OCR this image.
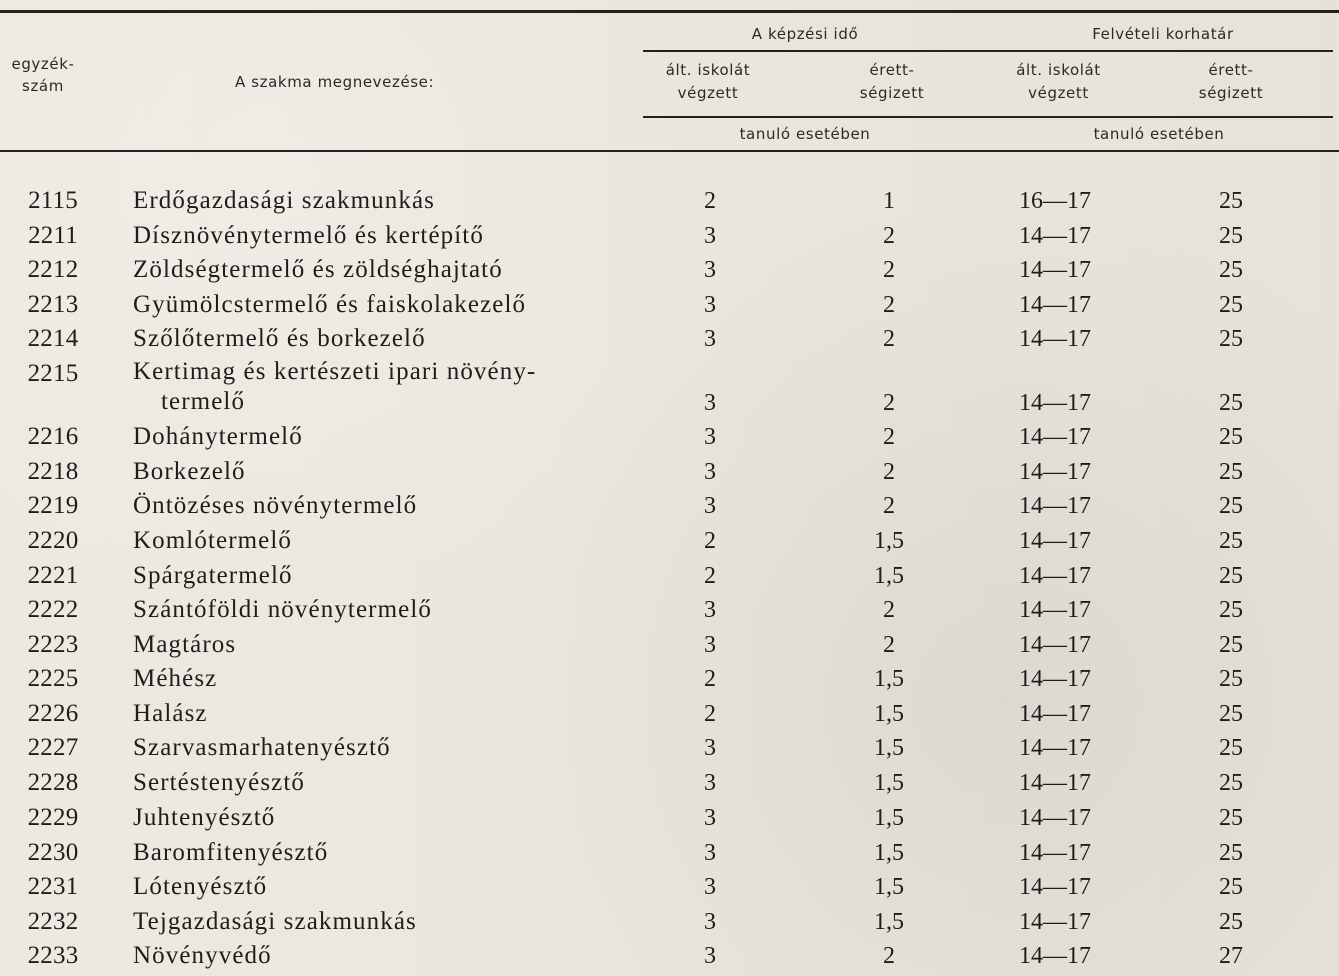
egyzék-
szám	A szakma megnevezése:
A képzési idő	Felvételi korhatár
ált. iskolát
végzett
érett-
ségizett
ált. iskolát
végzett
érett-
ségizett
tanuló esetében	tanuló esetében
2115	Erdőgazdasági szakmunkás	2	1	16—17	25
2211	Dísznövénytermelő és kertépítő	3	2	14—17	25
2212	Zöldségtermelő és zöldséghajtató	3	2	14—17	25
2213	Gyümölcstermelő és faiskolakezelő	3	2	14—17	25
2214	Szőlőtermelő és borkezelő	3	2	14—17	25
2215	Kertimag és kertészeti ipari növény-
termelő	3	2	14—17	25
2216	Dohánytermelő	3	2	14—17	25
2218	Borkezelő	3	2	14—17	25
2219	Öntözéses növénytermelő	3	2	14—17	25
2220	Komlótermelő	2	1,5	14—17	25
2221	Spárgatermelő	2	1,5	14—17	25
2222	Szántóföldi növénytermelő	3	2	14—17	25
2223	Magtáros	3	2	14—17	25
2225	Méhész	2	1,5	14—17	25
2226	Halász	2	1,5	14—17	25
2227	Szarvasmarhatenyésztő	3	1,5	14—17	25
2228	Sertéstenyésztő	3	1,5	14—17	25
2229	Juhtenyésztő	3	1,5	14—17	25
2230	Baromfitenyésztő	3	1,5	14—17	25
2231	Lótenyésztő	3	1,5	14—17	25
2232	Tejgazdasági szakmunkás	3	1,5	14—17	25
2233	Növényvédő	3	2	14—17	27
